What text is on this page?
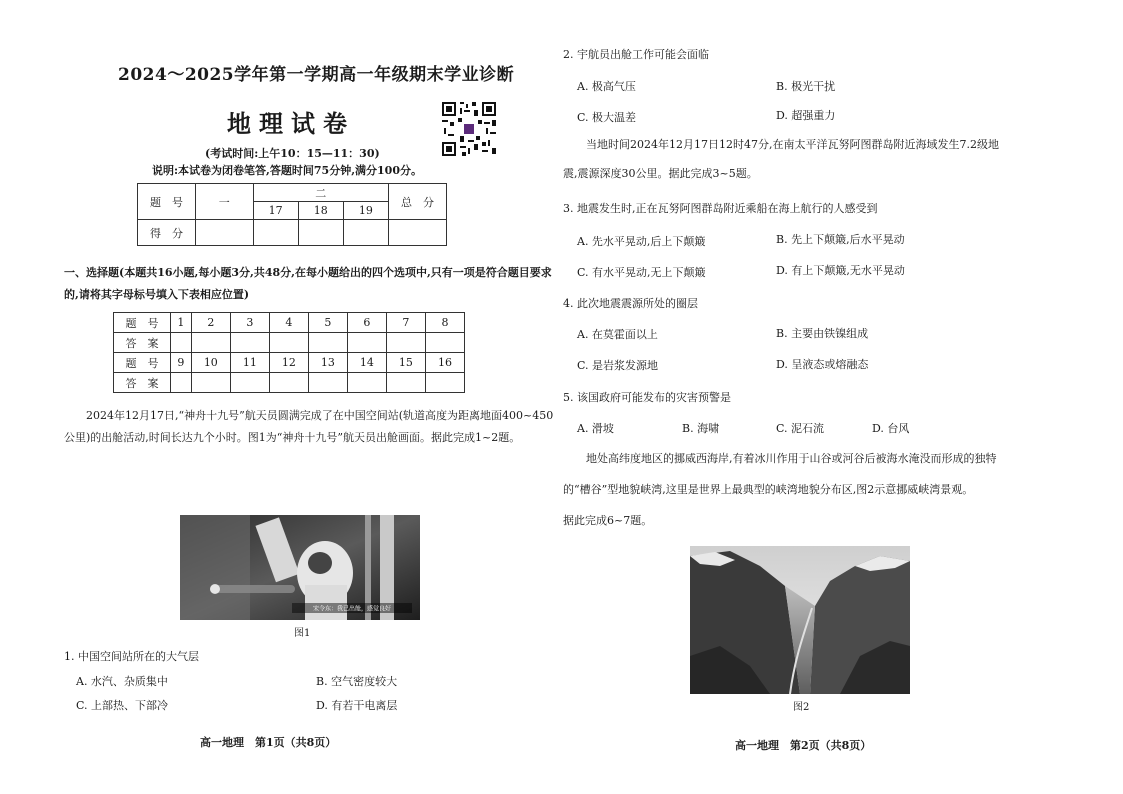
2024～2025学年第一学期高一年级期末学业诊断
地理试卷
(考试时间:上午10：15—11：30)
说明:本试卷为闭卷笔答,答题时间75分钟,满分100分。
题　号	一	二			总　分
		17	18	19	
得　分					
一、选择题(本题共16小题,每小题3分,共48分,在每小题给出的四个选项中,只有一项是符合题目要求的,请将其字母标号填入下表相应位置)
题　号	1	2	3	4	5	6	7	8
答　案								
题　号	9	10	11	12	13	14	15	16
答　案								
2024年12月17日,“神舟十九号”航天员圆满完成了在中国空间站(轨道高度为距离地面400~450公里)的出舱活动,时间长达九个小时。图1为“神舟十九号”航天员出舱画面。据此完成1~2题。
宋令东：我已出舱，感觉良好
图1
1. 中国空间站所在的大气层
A. 水汽、杂质集中	B. 空气密度较大
C. 上部热、下部冷	D. 有若干电离层
高一地理　第1页（共8页）
2. 宇航员出舱工作可能会面临
A. 极高气压	B. 极光干扰
C. 极大温差	D. 超强重力
当地时间2024年12月17日12时47分,在南太平洋瓦努阿图群岛附近海域发生7.2级地
震,震源深度30公里。据此完成3~5题。
3. 地震发生时,正在瓦努阿图群岛附近乘船在海上航行的人感受到
A. 先水平晃动,后上下颠簸	B. 先上下颠簸,后水平晃动
C. 有水平晃动,无上下颠簸	D. 有上下颠簸,无水平晃动
4. 此次地震震源所处的圈层
A. 在莫霍面以上	B. 主要由铁镍组成
C. 是岩浆发源地	D. 呈液态或熔融态
5. 该国政府可能发布的灾害预警是
A. 滑坡	B. 海啸	C. 泥石流	D. 台风
地处高纬度地区的挪威西海岸,有着冰川作用于山谷或河谷后被海水淹没而形成的独特
的“槽谷”型地貌峡湾,这里是世界上最典型的峡湾地貌分布区,图2示意挪威峡湾景观。
据此完成6~7题。
图2
高一地理　第2页（共8页）
